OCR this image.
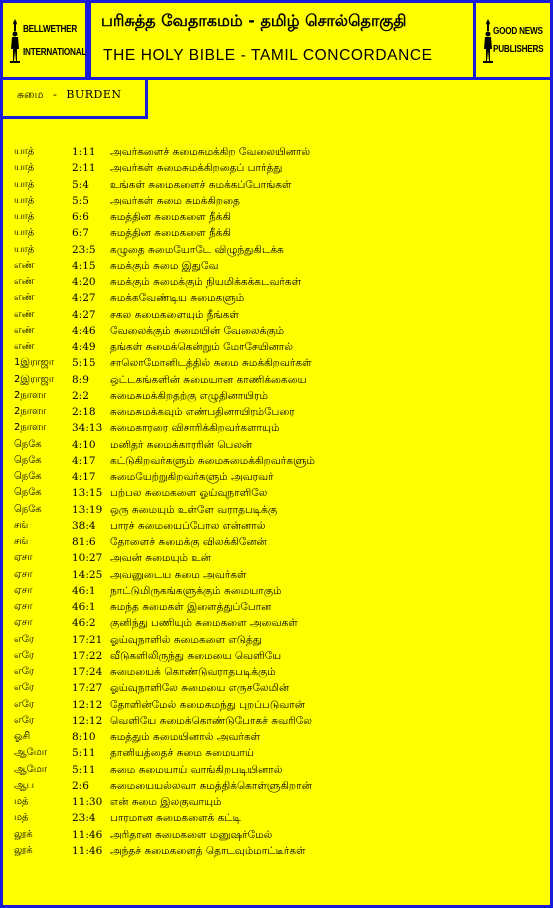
BELLWETHER
INTERNATIONAL
பரிசுத்த வேதாகமம் - தமிழ் சொல்தொகுதி
THE HOLY BIBLE - TAMIL CONCORDANCE
GOOD NEWS
PUBLISHERS
சுமை - BURDEN
யாத்	1:11 அவர்களைச் சுமைசுமக்கிற வேலையினால்
யாத்	2:11 அவர்கள் சுமைசுமக்கிறதைப் பார்த்து
யாத்	5:4 உங்கள் சுமைகளைச் சுமக்கப்போங்கள்
யாத்	5:5 அவர்கள் சுமை சுமக்கிறதை
யாத்	6:6 சுமத்தின சுமைகளை நீக்கி
யாத்	6:7 சுமத்தின சுமைகளை நீக்கி
யாத்	23:5 கழுதை சுமையோடே விழுந்துகிடக்க
எண்	4:15 சுமக்கும் சுமை இதுவே
எண்	4:20 சுமக்கும் சுமைக்கும் நியமிக்கக்கடவர்கள்
எண்	4:27 சுமக்கவேண்டிய சுமைகளும்
எண்	4:27 சகல சுமைகளையும் நீங்கள்
எண்	4:46 வேலைக்கும் சுமையின் வேலைக்கும்
எண்	4:49 தங்கள் சுமைக்கென்றும் மோசேயினால்
1இராஜா 5:15 சாலொமோனிடத்தில் சுமை சுமக்கிறவர்கள்
2இராஜா 8:9 ஒட்டகங்களின் சுமையான காணிக்கையை
2நாளா 2:2 சுமைசுமக்கிறதற்கு எழுதினாயிரம்
2நாளா 2:18 சுமைசுமக்கவும் எண்பதினாயிரம்பேரை
2நாளா 34:13 சுமைகாரரை விசாரிக்கிறவர்களாயும்
நெகே	4:10 மனிதர் சுமைக்காரரின் பெலன்
நெகே	4:17 கட்டுகிறவர்களும் சுமைசுமைக்கிறவர்களும்
நெகே	4:17 சுமையேற்றுகிறவர்களும் அவரவர்
நெகே	13:15 பற்பல சுமைகளை ஓய்வுநாளிலே
நெகே	13:19 ஒரு சுமையும் உள்ளே வராதபடிக்கு
சங்	38:4 பாரச் சுமையைப்போல என்னால்
சங்	81:6 தோளைச் சுமைக்கு விலக்கினேன்
ஏசா	10:27 அவன் சுமையும் உன்
ஏசா	14:25 அவனுடைய சுமை அவர்கள்
ஏசா	46:1 நாட்டுமிருகங்களுக்கும் சுமையாகும்
ஏசா	46:1 சுமந்த சுமைகள் இளைத்துப்போன
ஏசா	46:2 குனிந்து பணியும் சுமைகளை அவைகள்
எரே	17:21 ஓய்வுநாளில் சுமைகளை எடுத்து
எரே	17:22 வீடுகளிலிருந்து சுமையை வெளியே
எரே	17:24 சுமையைக் கொண்டுவராதபடிக்கும்
எரே	17:27 ஓய்வுநாளிலே சுமையை எருசலேமின்
எரே	12:12 தோளின்மேல் சுமைசுமந்து புறப்படுவான்
எரே	12:12 வெளியே சுமைக்கொண்டுபோகச் சுவரிலே
ஓசி	8:10 சுமத்தும் சுமையினால் அவர்கள்
ஆமோ 5:11 தானியத்தைச் சுமை சுமையாய்
ஆமோ 5:11 சுமை சுமையாய் வாங்கிறபடியினால்
ஆப	2:6 சுமையையல்லவா சுமத்திக்கொள்ளுகிறான்
மத்	11:30 என் சுமை இலகுவாயும்
மத்	23:4 பாரமான சுமைகளைக் கட்டி
லூக்	11:46 அரிதான சுமைகளை மனுஷர்மேல்
லூக்	11:46 அந்தச் சுமைகளைத் தொடவும்மாட்டீர்கள்
